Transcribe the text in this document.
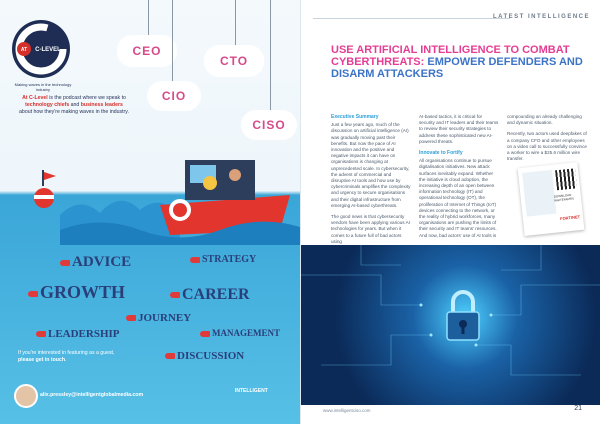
AT C-LEVEL
Making waves in the technology industry
At C-Level is the podcast where we speak to technology chiefs and business leaders about how they're making waves in the industry.
CEO
CTO
CIO
CISO
ADVICE	STRATEGY
GROWTH	CAREER
JOURNEY
LEADERSHIP	MANAGEMENT
DISCUSSION
If you're interested in featuring as a guest, please get in touch.
alix.pressley@intelligentglobalmedia.com
INTELLIGENT
LATEST INTELLIGENCE
USE ARTIFICIAL INTELLIGENCE TO COMBAT CYBERTHREATS: EMPOWER DEFENDERS AND DISARM ATTACKERS
Executive Summary

Just a few years ago, much of the discussion on artificial intelligence (AI) was gradually moving past their benefits. But now the pace of AI innovation and the positive and negative impacts it can have on organisations is changing at unprecedented scale. In cybersecurity, the advent of commercial and disruptive AI tools and how use by cybercriminals amplifies the complexity and urgency to secure organisations and their digital infrastructure from emerging AI-based cyberthreats.

The good news is that cybersecurity vendors have been applying various AI technologies for years. But when it comes to a future full of bad actors using

AI-based tactics, it is critical for security and IT leaders and their teams to review their security strategies to address these sophisticated new AI-powered threats.

Innovate to Fortify

All organisations continue to pursue digitalisation initiatives. New attack surfaces inevitably expand. Whether the initiative is cloud adoption, the increasing depth of an open between information technology (IT) and operational technology (OT), the proliferation of Internet of Things (IoT) devices connecting to the network, or the reality of hybrid workforces, many organisations are pushing the limits of their security and IT teams' resources. And now, bad actors' use of AI tools is

compounding an already challenging and dynamic situation.

Recently, two actors used deepfakes of a company CFO and other employees on a video call to successfully convince a worker to wire a $25.6 million wire transfer.

DOWNLOAD WHITEPAPER
FORTINET
www.intelligentciso.com	21
